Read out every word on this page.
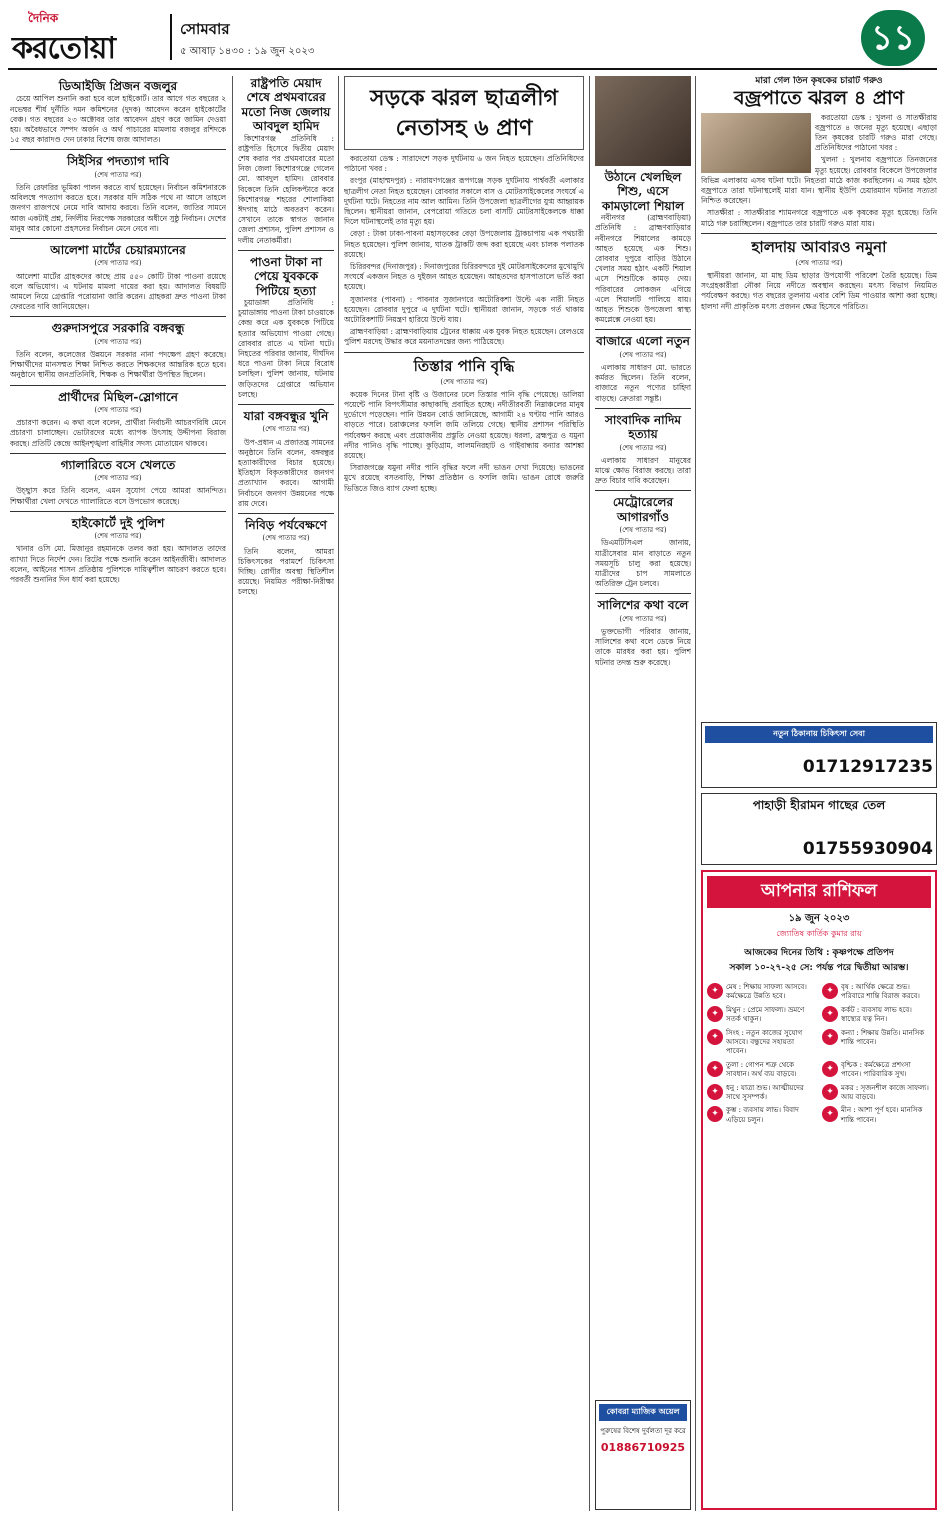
দৈনিক
করতোয়া
সোমবার
৫ আষাঢ় ১৪৩০ : ১৯ জুন ২০২৩	১১
ডিআইজি প্রিজন বজলুর

চেয়ে আপিল শুনানি করা হবে বলে হাইকোর্ট। তার আগে গত বছরের ২ নভেম্বর শীর্ষ দুর্নীতি দমন কমিশনের (দুদক) আবেদন করেন হাইকোর্টের বেঞ্চ। গত বছরের ২৩ অক্টোবর তার আবেদন গ্রহণ করে জামিন দেওয়া হয়। অবৈধভাবে সম্পদ অর্জন ও অর্থ পাচারের মামলায় বজলুর রশিদকে ১৫ বছর কারাদণ্ড দেন ঢাকার বিশেষ জজ আদালত।

সিইসির পদত্যাগ দাবি
(শেষ পাতার পর)

তিনি রেফারির ভূমিকা পালন করতে ব্যর্থ হয়েছেন। নির্বাচন কমিশনারকে অবিলম্বে পদত্যাগ করতে হবে। সরকার যদি সঠিক পথে না আসে তাহলে জনগণ রাজপথে নেমে দাবি আদায় করবে। তিনি বলেন, জাতির সামনে আজ একটাই প্রশ্ন, নির্দলীয় নিরপেক্ষ সরকারের অধীনে সুষ্ঠু নির্বাচন। দেশের মানুষ আর কোনো প্রহসনের নির্বাচন মেনে নেবে না।

আলেশা মার্টের চেয়ারম্যানের
(শেষ পাতার পর)

আলেশা মার্টের গ্রাহকদের কাছে প্রায় ৫৫০ কোটি টাকা পাওনা রয়েছে বলে অভিযোগ। এ ঘটনায় মামলা দায়ের করা হয়। আদালত বিষয়টি আমলে নিয়ে গ্রেপ্তারি পরোয়ানা জারি করেন। গ্রাহকরা দ্রুত পাওনা টাকা ফেরতের দাবি জানিয়েছেন।

গুরুদাসপুরে সরকারি বঙ্গবন্ধু
(শেষ পাতার পর)

তিনি বলেন, কলেজের উন্নয়নে সরকার নানা পদক্ষেপ গ্রহণ করেছে। শিক্ষার্থীদের মানসম্মত শিক্ষা নিশ্চিত করতে শিক্ষকদের আন্তরিক হতে হবে। অনুষ্ঠানে স্থানীয় জনপ্রতিনিধি, শিক্ষক ও শিক্ষার্থীরা উপস্থিত ছিলেন।

প্রার্থীদের মিছিল-স্লোগানে
(শেষ পাতার পর)

প্রচারণা করেন। এ কথা বলে বলেন, প্রার্থীরা নির্বাচনী আচরণবিধি মেনে প্রচারণা চালাচ্ছেন। ভোটারদের মধ্যে ব্যাপক উৎসাহ উদ্দীপনা বিরাজ করছে। প্রতিটি কেন্দ্রে আইনশৃঙ্খলা বাহিনীর সদস্য মোতায়েন থাকবে।

গ্যালারিতে বসে খেলতে
(শেষ পাতার পর)

উচ্ছ্বাস করে তিনি বলেন, এমন সুযোগ পেয়ে আমরা আনন্দিত। শিক্ষার্থীরা খেলা দেখতে গ্যালারিতে বসে উপভোগ করেছে।

হাইকোর্টে দুই পুলিশ
(শেষ পাতার পর)

খানার ওসি মো. মিজানুর রহমানকে তলব করা হয়। আদালত তাদের ব্যাখ্যা দিতে নির্দেশ দেন। রিটের পক্ষে শুনানি করেন আইনজীবী। আদালত বলেন, আইনের শাসন প্রতিষ্ঠায় পুলিশকে দায়িত্বশীল আচরণ করতে হবে। পরবর্তী শুনানির দিন ধার্য করা হয়েছে।

রাষ্ট্রপতি মেয়াদ শেষে প্রথমবারের মতো নিজ জেলায় আবদুল হামিদ

কিশোরগঞ্জ প্রতিনিধি : রাষ্ট্রপতি হিসেবে দ্বিতীয় মেয়াদ শেষ করার পর প্রথমবারের মতো নিজ জেলা কিশোরগঞ্জে গেলেন মো. আবদুল হামিদ। রোববার বিকেলে তিনি হেলিকপ্টারে করে কিশোরগঞ্জ শহরের শোলাকিয়া ঈদগাহ মাঠে অবতরণ করেন। সেখানে তাকে স্বাগত জানান জেলা প্রশাসন, পুলিশ প্রশাসন ও দলীয় নেতাকর্মীরা।

পাওনা টাকা না পেয়ে যুবককে পিটিয়ে হত্যা

চুয়াডাঙ্গা প্রতিনিধি : চুয়াডাঙ্গায় পাওনা টাকা চাওয়াকে কেন্দ্র করে এক যুবককে পিটিয়ে হত্যার অভিযোগ পাওয়া গেছে। রোববার রাতে এ ঘটনা ঘটে। নিহতের পরিবার জানায়, দীর্ঘদিন ধরে পাওনা টাকা নিয়ে বিরোধ চলছিল। পুলিশ জানায়, ঘটনায় জড়িতদের গ্রেপ্তারে অভিযান চলছে।

যারা বঙ্গবন্ধুর খুনি
(শেষ পাতার পর)

উপ-প্রধান এ প্রজাতন্ত্র সামনের অনুষ্ঠানে তিনি বলেন, বঙ্গবন্ধুর হত্যাকারীদের বিচার হয়েছে। ইতিহাস বিকৃতকারীদের জনগণ প্রত্যাখ্যান করবে। আগামী নির্বাচনে জনগণ উন্নয়নের পক্ষে রায় দেবে।

নিবিড় পর্যবেক্ষণে
(শেষ পাতার পর)

তিনি বলেন, আমরা চিকিৎসকের পরামর্শে চিকিৎসা দিচ্ছি। রোগীর অবস্থা স্থিতিশীল রয়েছে। নিয়মিত পরীক্ষা-নিরীক্ষা চলছে।

সড়কে ঝরল ছাত্রলীগ নেতাসহ ৬ প্রাণ

করতোয়া ডেস্ক : সারাদেশে সড়ক দুর্ঘটনায় ৬ জন নিহত হয়েছেন। প্রতিনিধিদের পাঠানো খবর :

রংপুর (মাহাম্মদপুর) : নারায়ণগঞ্জের রূপগঞ্জে সড়ক দুর্ঘটনায় পার্শ্ববর্তী এলাকার ছাত্রলীগ নেতা নিহত হয়েছেন। রোববার সকালে বাস ও মোটরসাইকেলের সংঘর্ষে এ দুর্ঘটনা ঘটে। নিহতের নাম আল আমিন। তিনি উপজেলা ছাত্রলীগের যুগ্ম আহ্বায়ক ছিলেন। স্থানীয়রা জানান, বেপরোয়া গতিতে চলা বাসটি মোটরসাইকেলকে ধাক্কা দিলে ঘটনাস্থলেই তার মৃত্যু হয়।

বেড়া : টাকা ঢাকা-পাবনা মহাসড়কের বেড়া উপজেলায় ট্রাকচাপায় এক পথচারী নিহত হয়েছেন। পুলিশ জানায়, ঘাতক ট্রাকটি জব্দ করা হয়েছে এবং চালক পলাতক রয়েছে।

চিরিরবন্দর (দিনাজপুর) : দিনাজপুরের চিরিরবন্দরে দুই মোটরসাইকেলের মুখোমুখি সংঘর্ষে একজন নিহত ও দুইজন আহত হয়েছেন। আহতদের হাসপাতালে ভর্তি করা হয়েছে।

সুজানগর (পাবনা) : পাবনার সুজানগরে অটোরিকশা উল্টে এক নারী নিহত হয়েছেন। রোববার দুপুরে এ দুর্ঘটনা ঘটে। স্থানীয়রা জানান, সড়কে গর্ত থাকায় অটোরিকশাটি নিয়ন্ত্রণ হারিয়ে উল্টে যায়।

ব্রাহ্মণবাড়িয়া : ব্রাহ্মণবাড়িয়ায় ট্রেনের ধাক্কায় এক যুবক নিহত হয়েছেন। রেলওয়ে পুলিশ মরদেহ উদ্ধার করে ময়নাতদন্তের জন্য পাঠিয়েছে।

তিস্তার পানি বৃদ্ধি
(শেষ পাতার পর)

কয়েক দিনের টানা বৃষ্টি ও উজানের ঢলে তিস্তার পানি বৃদ্ধি পেয়েছে। ডালিয়া পয়েন্টে পানি বিপৎসীমার কাছাকাছি প্রবাহিত হচ্ছে। নদীতীরবর্তী নিম্নাঞ্চলের মানুষ দুর্ভোগে পড়েছেন। পানি উন্নয়ন বোর্ড জানিয়েছে, আগামী ২৪ ঘণ্টায় পানি আরও বাড়তে পারে। চরাঞ্চলের ফসলি জমি তলিয়ে গেছে। স্থানীয় প্রশাসন পরিস্থিতি পর্যবেক্ষণ করছে এবং প্রয়োজনীয় প্রস্তুতি নেওয়া হয়েছে। ধরলা, ব্রহ্মপুত্র ও যমুনা নদীর পানিও বৃদ্ধি পাচ্ছে। কুড়িগ্রাম, লালমনিরহাট ও গাইবান্ধায় বন্যার আশঙ্কা রয়েছে।

সিরাজগঞ্জে যমুনা নদীর পানি বৃদ্ধির ফলে নদী ভাঙন দেখা দিয়েছে। ভাঙনের মুখে রয়েছে বসতবাড়ি, শিক্ষা প্রতিষ্ঠান ও ফসলি জমি। ভাঙন রোধে জরুরি ভিত্তিতে জিও ব্যাগ ফেলা হচ্ছে।

উঠানে খেলছিল শিশু, এসে কামড়ালো শিয়াল

নবীনগর (ব্রাহ্মণবাড়িয়া) প্রতিনিধি : ব্রাহ্মণবাড়িয়ার নবীনগরে শিয়ালের কামড়ে আহত হয়েছে এক শিশু। রোববার দুপুরে বাড়ির উঠানে খেলার সময় হঠাৎ একটি শিয়াল এসে শিশুটিকে কামড় দেয়। পরিবারের লোকজন এগিয়ে এলে শিয়ালটি পালিয়ে যায়। আহত শিশুকে উপজেলা স্বাস্থ্য কমপ্লেক্সে নেওয়া হয়।

বাজারে এলো নতুন
(শেষ পাতার পর)

এলাকায় সাধারণ মো. ভারতে কর্মরত ছিলেন। তিনি বলেন, বাজারে নতুন পণ্যের চাহিদা বাড়ছে। ক্রেতারা সন্তুষ্ট।

সাংবাদিক নাদিম হত্যায়
(শেষ পাতার পর)

এলাকায় সাধারণ মানুষের মাঝে ক্ষোভ বিরাজ করছে। তারা দ্রুত বিচার দাবি করেছেন।

মেট্রোরেলের আগারগাঁও
(শেষ পাতার পর)

ডিএমটিসিএল জানায়, যাত্রীসেবার মান বাড়াতে নতুন সময়সূচি চালু করা হয়েছে। যাত্রীদের চাপ সামলাতে অতিরিক্ত ট্রেন চলবে।

সালিশের কথা বলে
(শেষ পাতার পর)

ভুক্তভোগী পরিবার জানায়, সালিশের কথা বলে ডেকে নিয়ে তাকে মারধর করা হয়। পুলিশ ঘটনার তদন্ত শুরু করেছে।

কোবরা ম্যাজিক অয়েল
পুরুষের বিশেষ দুর্বলতা দূর করে
01886710925
মারা গেল তিন কৃষকের চারটি গরুও
বজ্রপাতে ঝরল ৪ প্রাণ

করতোয়া ডেস্ক : খুলনা ও সাতক্ষীরায় বজ্রপাতে ৪ জনের মৃত্যু হয়েছে। এছাড়া তিন কৃষকের চারটি গরুও মারা গেছে। প্রতিনিধিদের পাঠানো খবর :

খুলনা : খুলনায় বজ্রপাতে তিনজনের মৃত্যু হয়েছে। রোববার বিকেলে উপজেলার বিভিন্ন এলাকায় এসব ঘটনা ঘটে। নিহতরা মাঠে কাজ করছিলেন। এ সময় হঠাৎ বজ্রপাতে তারা ঘটনাস্থলেই মারা যান। স্থানীয় ইউপি চেয়ারম্যান ঘটনার সত্যতা নিশ্চিত করেছেন।

সাতক্ষীরা : সাতক্ষীরার শ্যামনগরে বজ্রপাতে এক কৃষকের মৃত্যু হয়েছে। তিনি মাঠে গরু চরাচ্ছিলেন। বজ্রপাতে তার চারটি গরুও মারা যায়।

হালদায় আবারও নমুনা
(শেষ পাতার পর)

স্থানীয়রা জানান, মা মাছ ডিম ছাড়ার উপযোগী পরিবেশ তৈরি হয়েছে। ডিম সংগ্রহকারীরা নৌকা নিয়ে নদীতে অবস্থান করছেন। মৎস্য বিভাগ নিয়মিত পর্যবেক্ষণ করছে। গত বছরের তুলনায় এবার বেশি ডিম পাওয়ার আশা করা হচ্ছে। হালদা নদী প্রাকৃতিক মৎস্য প্রজনন ক্ষেত্র হিসেবে পরিচিত।

নতুন ঠিকানায় চিকিৎসা সেবা
01712917235
পাহাড়ী হীরামন গাছের তেল
01755930904
আপনার রাশিফল
১৯ জুন ২০২৩
জ্যোতিষ কার্তিক কুমার রায়
আজকের দিনের তিথি : কৃষ্ণপক্ষে প্রতিপদ
সকাল ১০-২৭-২৫ সে: পর্যন্ত পরে দ্বিতীয়া আরম্ভ।
✦	মেষ : শিক্ষায় সাফল্য আসবে। কর্মক্ষেত্রে উন্নতি হবে।
✦	বৃষ : আর্থিক ক্ষেত্রে শুভ। পরিবারে শান্তি বিরাজ করবে।
✦	মিথুন : প্রেমে সাফল্য। ভ্রমণে সতর্ক থাকুন।
✦	কর্কট : ব্যবসায় লাভ হবে। স্বাস্থ্যের যত্ন নিন।
✦	সিংহ : নতুন কাজের সুযোগ আসবে। বন্ধুদের সহায়তা পাবেন।
✦	কন্যা : শিক্ষায় উন্নতি। মানসিক শান্তি পাবেন।
✦	তুলা : গোপন শত্রু থেকে সাবধান। অর্থ ব্যয় বাড়বে।
✦	বৃশ্চিক : কর্মক্ষেত্রে প্রশংসা পাবেন। পারিবারিক সুখ।
✦	ধনু : যাত্রা শুভ। আত্মীয়দের সাথে সুসম্পর্ক।
✦	মকর : সৃজনশীল কাজে সাফল্য। আয় বাড়বে।
✦	কুম্ভ : ব্যবসায় লাভ। বিবাদ এড়িয়ে চলুন।
✦	মীন : আশা পূর্ণ হবে। মানসিক শান্তি পাবেন।
